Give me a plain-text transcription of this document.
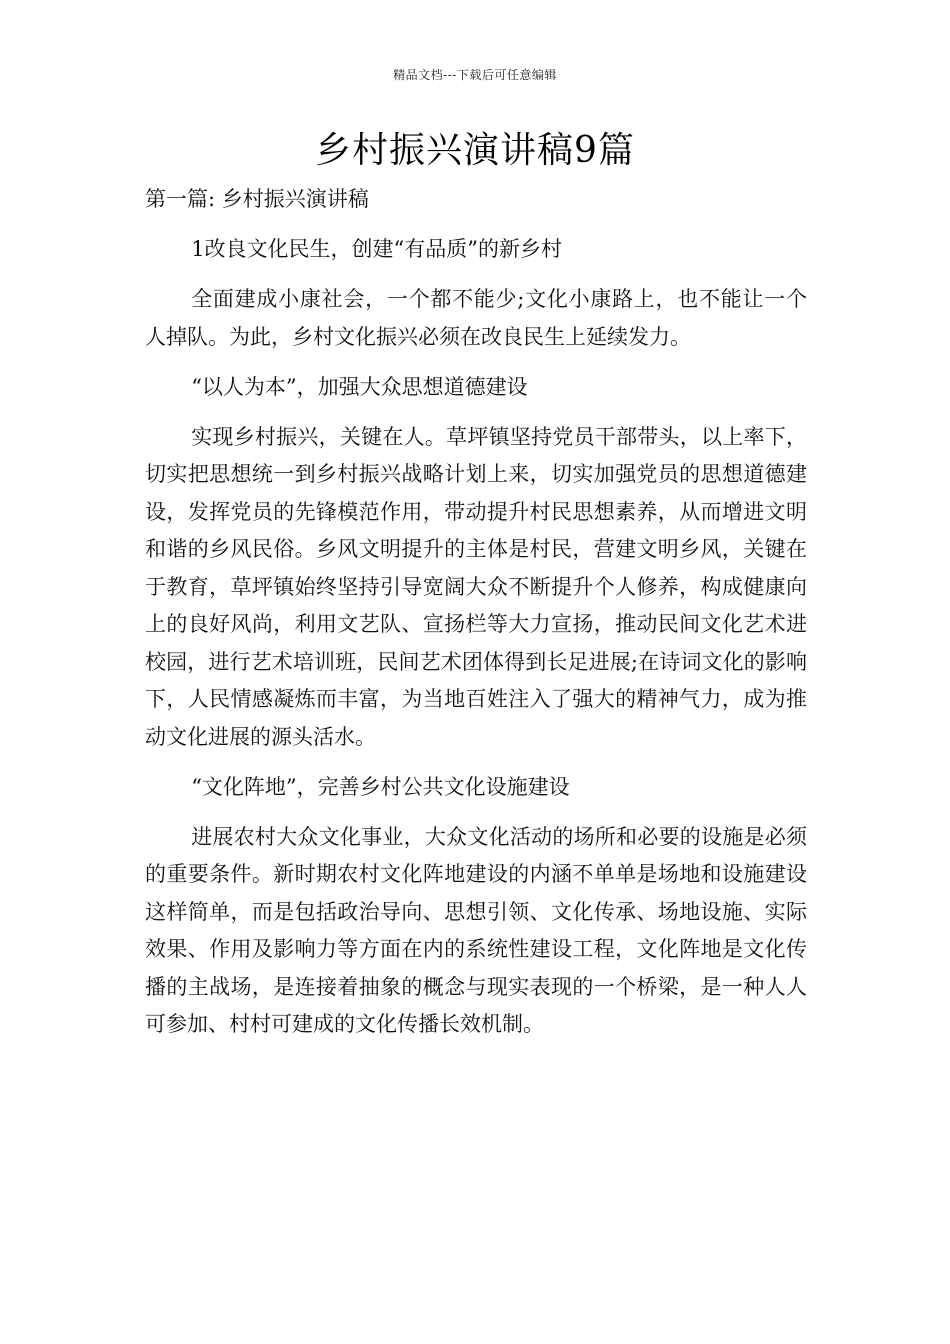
精品文档---下载后可任意编辑
乡村振兴演讲稿9篇

第一篇: 乡村振兴演讲稿

1改良文化民生，创建“有品质”的新乡村

全面建成小康社会，一个都不能少;文化小康路上，也不能让一个人掉队。为此，乡村文化振兴必须在改良民生上延续发力。

“以人为本”，加强大众思想道德建设

实现乡村振兴，关键在人。草坪镇坚持党员干部带头，以上率下，切实把思想统一到乡村振兴战略计划上来，切实加强党员的思想道德建设，发挥党员的先锋模范作用，带动提升村民思想素养，从而增进文明和谐的乡风民俗。乡风文明提升的主体是村民，营建文明乡风，关键在于教育，草坪镇始终坚持引导宽阔大众不断提升个人修养，构成健康向上的良好风尚，利用文艺队、宣扬栏等大力宣扬，推动民间文化艺术进校园，进行艺术培训班，民间艺术团体得到长足进展;在诗词文化的影响下，人民情感凝炼而丰富，为当地百姓注入了强大的精神气力，成为推动文化进展的源头活水。

“文化阵地”，完善乡村公共文化设施建设

进展农村大众文化事业，大众文化活动的场所和必要的设施是必须的重要条件。新时期农村文化阵地建设的内涵不单单是场地和设施建设这样简单，而是包括政治导向、思想引领、文化传承、场地设施、实际效果、作用及影响力等方面在内的系统性建设工程，文化阵地是文化传播的主战场，是连接着抽象的概念与现实表现的一个桥梁，是一种人人可参加、村村可建成的文化传播长效机制。
